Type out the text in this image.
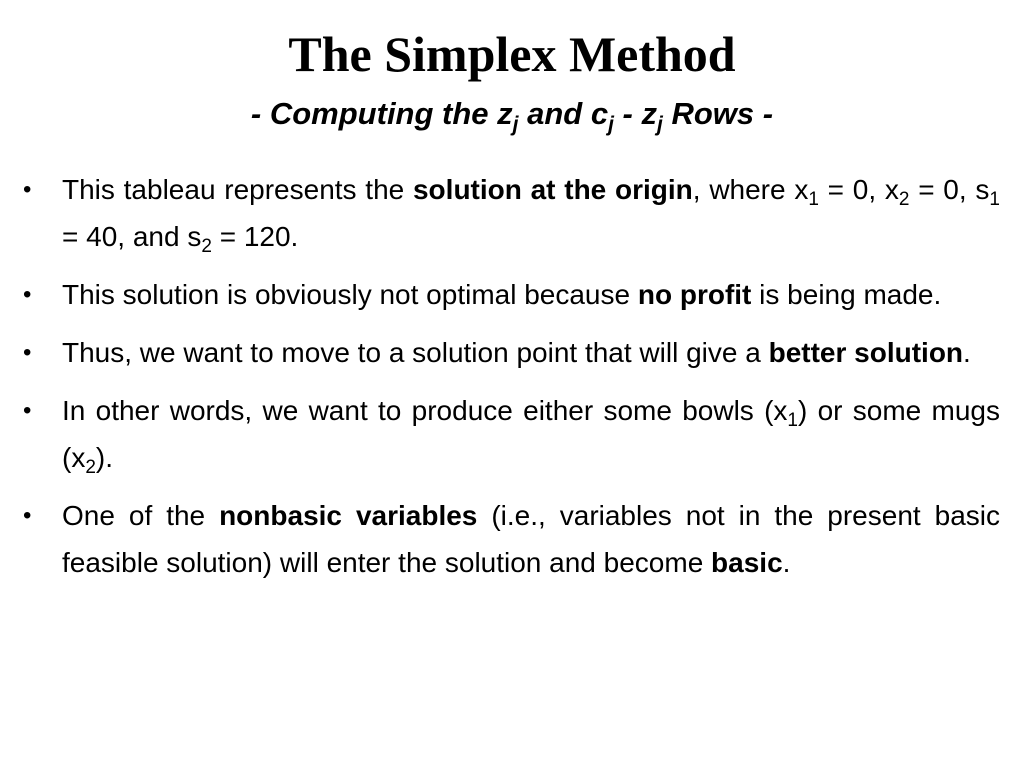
The Simplex Method
- Computing the $z_j$ and $c_j - z_j$ Rows -
• This tableau represents the solution at the origin, where $x_1 = 0$, $x_2 = 0$, $s_1 = 40$, and $s_2 = 120$.
• This solution is obviously not optimal because no profit is being made.
• Thus, we want to move to a solution point that will give a better solution.
• In other words, we want to produce either some bowls $(x_1)$ or some mugs $(x_2)$.
• One of the nonbasic variables (i.e., variables not in the present basic feasible solution) will enter the solution and become basic.
